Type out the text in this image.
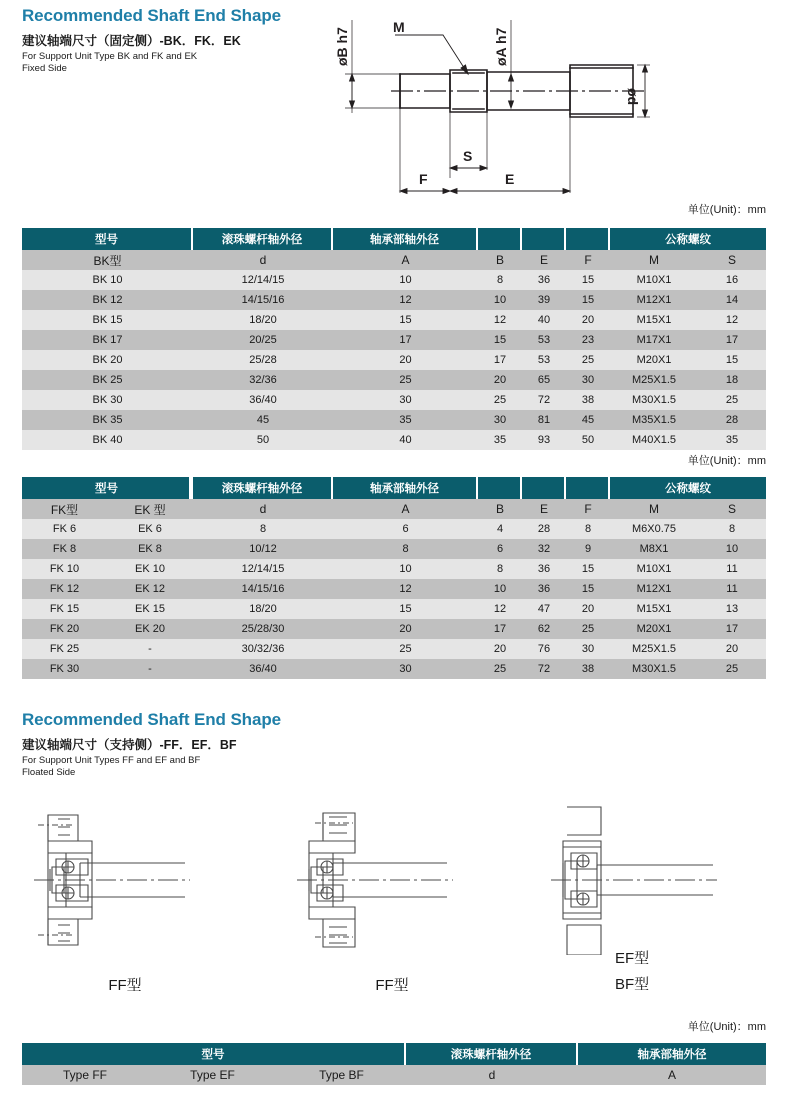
Recommended Shaft End Shape
建议轴端尺寸（固定侧）-BK．FK．EK
For Support Unit Type BK and FK and EK
Fixed Side
øB h7
M
øA h7
ød
S
F	E
单位(Unit)：mm
型号	滚珠螺杆轴外径	轴承部轴外径				公称螺纹	
BK型	d	A	B	E	F	M	S
BK 10	12/14/15	10	8	36	15	M10X1	16
BK 12	14/15/16	12	10	39	15	M12X1	14
BK 15	18/20	15	12	40	20	M15X1	12
BK 17	20/25	17	15	53	23	M17X1	17
BK 20	25/28	20	17	53	25	M20X1	15
BK 25	32/36	25	20	65	30	M25X1.5	18
BK 30	36/40	30	25	72	38	M30X1.5	25
BK 35	45	35	30	81	45	M35X1.5	28
BK 40	50	40	35	93	50	M40X1.5	35
单位(Unit)：mm
型号		滚珠螺杆轴外径	轴承部轴外径				公称螺纹	
FK型	EK 型	d	A	B	E	F	M	S
FK 6	EK 6	8	6	4	28	8	M6X0.75	8
FK 8	EK 8	10/12	8	6	32	9	M8X1	10
FK 10	EK 10	12/14/15	10	8	36	15	M10X1	11
FK 12	EK 12	14/15/16	12	10	36	15	M12X1	11
FK 15	EK 15	18/20	15	12	47	20	M15X1	13
FK 20	EK 20	25/28/30	20	17	62	25	M20X1	17
FK 25	-	30/32/36	25	20	76	30	M25X1.5	20
FK 30	-	36/40	30	25	72	38	M30X1.5	25
Recommended Shaft End Shape
建议轴端尺寸（支持侧）-FF．EF．BF
For Support Unit Types FF and EF and BF
Floated Side
FF型	FF型
EF型
BF型
单位(Unit)：mm
型号			滚珠螺杆轴外径	轴承部轴外径
Type FF	Type EF	Type BF	d	A
